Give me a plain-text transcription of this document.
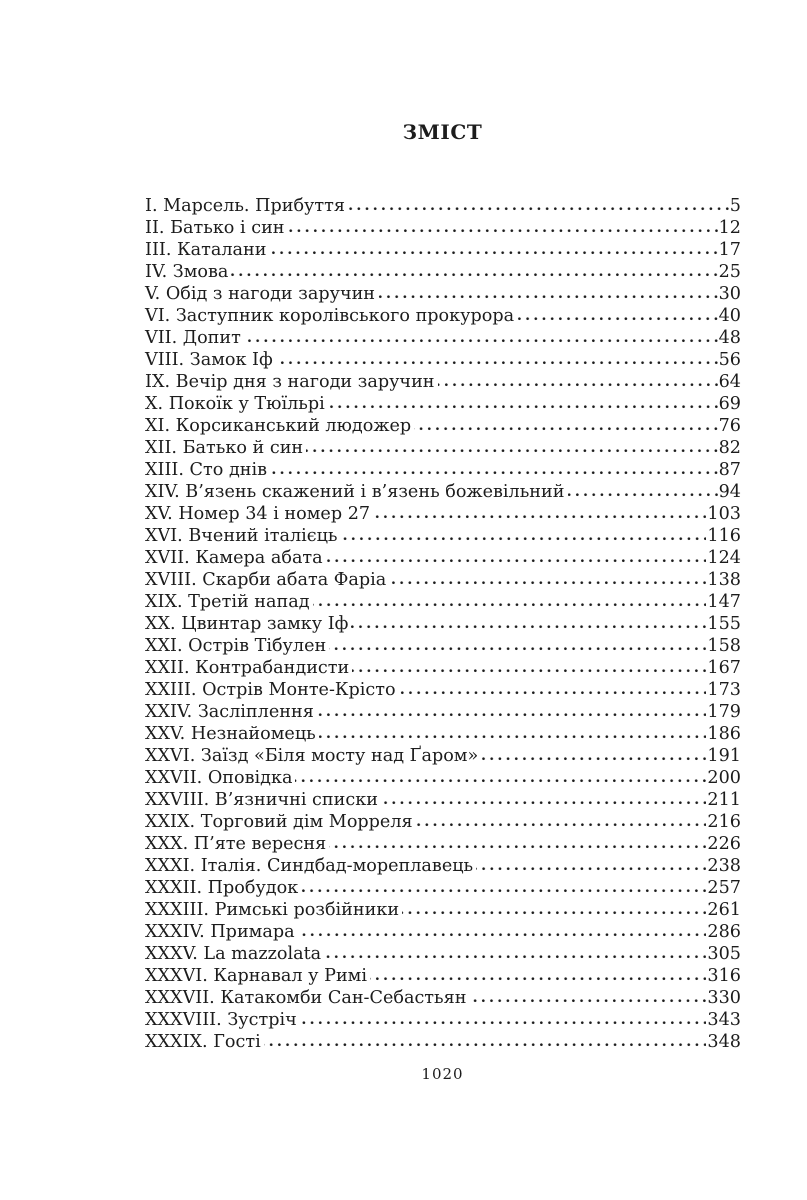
ЗМІСТ
I. Марсель. Прибуття	5
II. Батько і син	12
III. Каталани	17
IV. Змова	25
V. Обід з нагоди заручин	30
VI. Заступник королівського прокурора	40
VII. Допит	48
VIII. Замок Іф	56
IX. Вечір дня з нагоди заручин	64
X. Покоїк у Тюїльрі	69
XI. Корсиканський людожер	76
XII. Батько й син	82
XIII. Сто днів	87
XIV. В’язень скажений і в’язень божевільний	94
XV. Номер 34 і номер 27	103
XVI. Вчений італієць	116
XVII. Камера абата	124
XVIII. Скарби абата Фаріа	138
XIX. Третій напад	147
XX. Цвинтар замку Іф	155
XXI. Острів Тібулен	158
XXII. Контрабандисти	167
XXIII. Острів Монте-Крісто	173
XXIV. Засліплення	179
XXV. Незнайомець	186
XXVI. Заїзд «Біля мосту над Ґаром»	191
XXVII. Оповідка	200
XXVIII. В’язничні списки	211
XXIX. Торговий дім Морреля	216
XXX. П’яте вересня	226
XXXI. Італія. Синдбад-мореплавець	238
XXXII. Пробудок	257
XXXIII. Римські розбійники	261
XXXIV. Примара	286
XXXV. La mazzolata	305
XXXVI. Карнавал у Римі	316
XXXVII. Катакомби Сан-Себастьян	330
XXXVIII. Зустріч	343
XXXIX. Гості	348
1020
